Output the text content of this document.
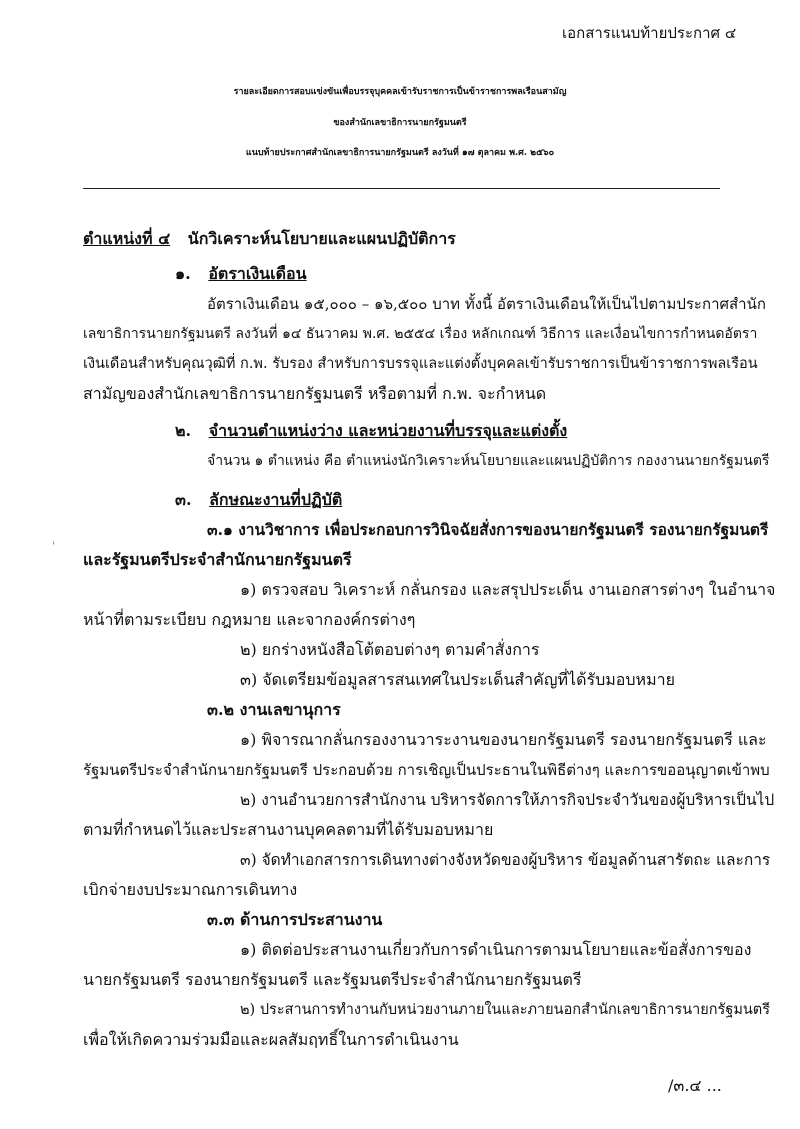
เอกสารแนบท้ายประกาศ ๔
รายละเอียดการสอบแข่งขันเพื่อบรรจุบุคคลเข้ารับราชการเป็นข้าราชการพลเรือนสามัญ
ของสำนักเลขาธิการนายกรัฐมนตรี
แนบท้ายประกาศสำนักเลขาธิการนายกรัฐมนตรี ลงวันที่ ๑๗ ตุลาคม พ.ศ. ๒๕๖๐
ตำแหน่งที่ ๔ นักวิเคราะห์นโยบายและแผนปฏิบัติการ
๑. อัตราเงินเดือน
อัตราเงินเดือน ๑๕,๐๐๐ – ๑๖,๕๐๐ บาท ทั้งนี้ อัตราเงินเดือนให้เป็นไปตามประกาศสำนัก
เลขาธิการนายกรัฐมนตรี ลงวันที่ ๑๔ ธันวาคม พ.ศ. ๒๕๕๔ เรื่อง หลักเกณฑ์ วิธีการ และเงื่อนไขการกำหนดอัตรา
เงินเดือนสำหรับคุณวุฒิที่ ก.พ. รับรอง สำหรับการบรรจุและแต่งตั้งบุคคลเข้ารับราชการเป็นข้าราชการพลเรือน
สามัญของสำนักเลขาธิการนายกรัฐมนตรี หรือตามที่ ก.พ. จะกำหนด
๒. จำนวนตำแหน่งว่าง และหน่วยงานที่บรรจุและแต่งตั้ง
จำนวน ๑ ตำแหน่ง คือ ตำแหน่งนักวิเคราะห์นโยบายและแผนปฏิบัติการ กองงานนายกรัฐมนตรี
๓. ลักษณะงานที่ปฏิบัติ
ˈ
๓.๑ งานวิชาการ เพื่อประกอบการวินิจฉัยสั่งการของนายกรัฐมนตรี รองนายกรัฐมนตรี
และรัฐมนตรีประจำสำนักนายกรัฐมนตรี
๑) ตรวจสอบ วิเคราะห์ กลั่นกรอง และสรุปประเด็น งานเอกสารต่างๆ ในอำนาจ
หน้าที่ตามระเบียบ กฎหมาย และจากองค์กรต่างๆ
๒) ยกร่างหนังสือโต้ตอบต่างๆ ตามคำสั่งการ
๓) จัดเตรียมข้อมูลสารสนเทศในประเด็นสำคัญที่ได้รับมอบหมาย
๓.๒ งานเลขานุการ
๑) พิจารณากลั่นกรองงานวาระงานของนายกรัฐมนตรี รองนายกรัฐมนตรี และ
รัฐมนตรีประจำสำนักนายกรัฐมนตรี ประกอบด้วย การเชิญเป็นประธานในพิธีต่างๆ และการขออนุญาตเข้าพบ
๒) งานอำนวยการสำนักงาน บริหารจัดการให้ภารกิจประจำวันของผู้บริหารเป็นไป
ตามที่กำหนดไว้และประสานงานบุคคลตามที่ได้รับมอบหมาย
๓) จัดทำเอกสารการเดินทางต่างจังหวัดของผู้บริหาร ข้อมูลด้านสารัตถะ และการ
เบิกจ่ายงบประมาณการเดินทาง
๓.๓ ด้านการประสานงาน
๑) ติดต่อประสานงานเกี่ยวกับการดำเนินการตามนโยบายและข้อสั่งการของ
นายกรัฐมนตรี รองนายกรัฐมนตรี และรัฐมนตรีประจำสำนักนายกรัฐมนตรี
๒) ประสานการทำงานกับหน่วยงานภายในและภายนอกสำนักเลขาธิการนายกรัฐมนตรี
เพื่อให้เกิดความร่วมมือและผลสัมฤทธิ์ในการดำเนินงาน
/๓.๔ ...
